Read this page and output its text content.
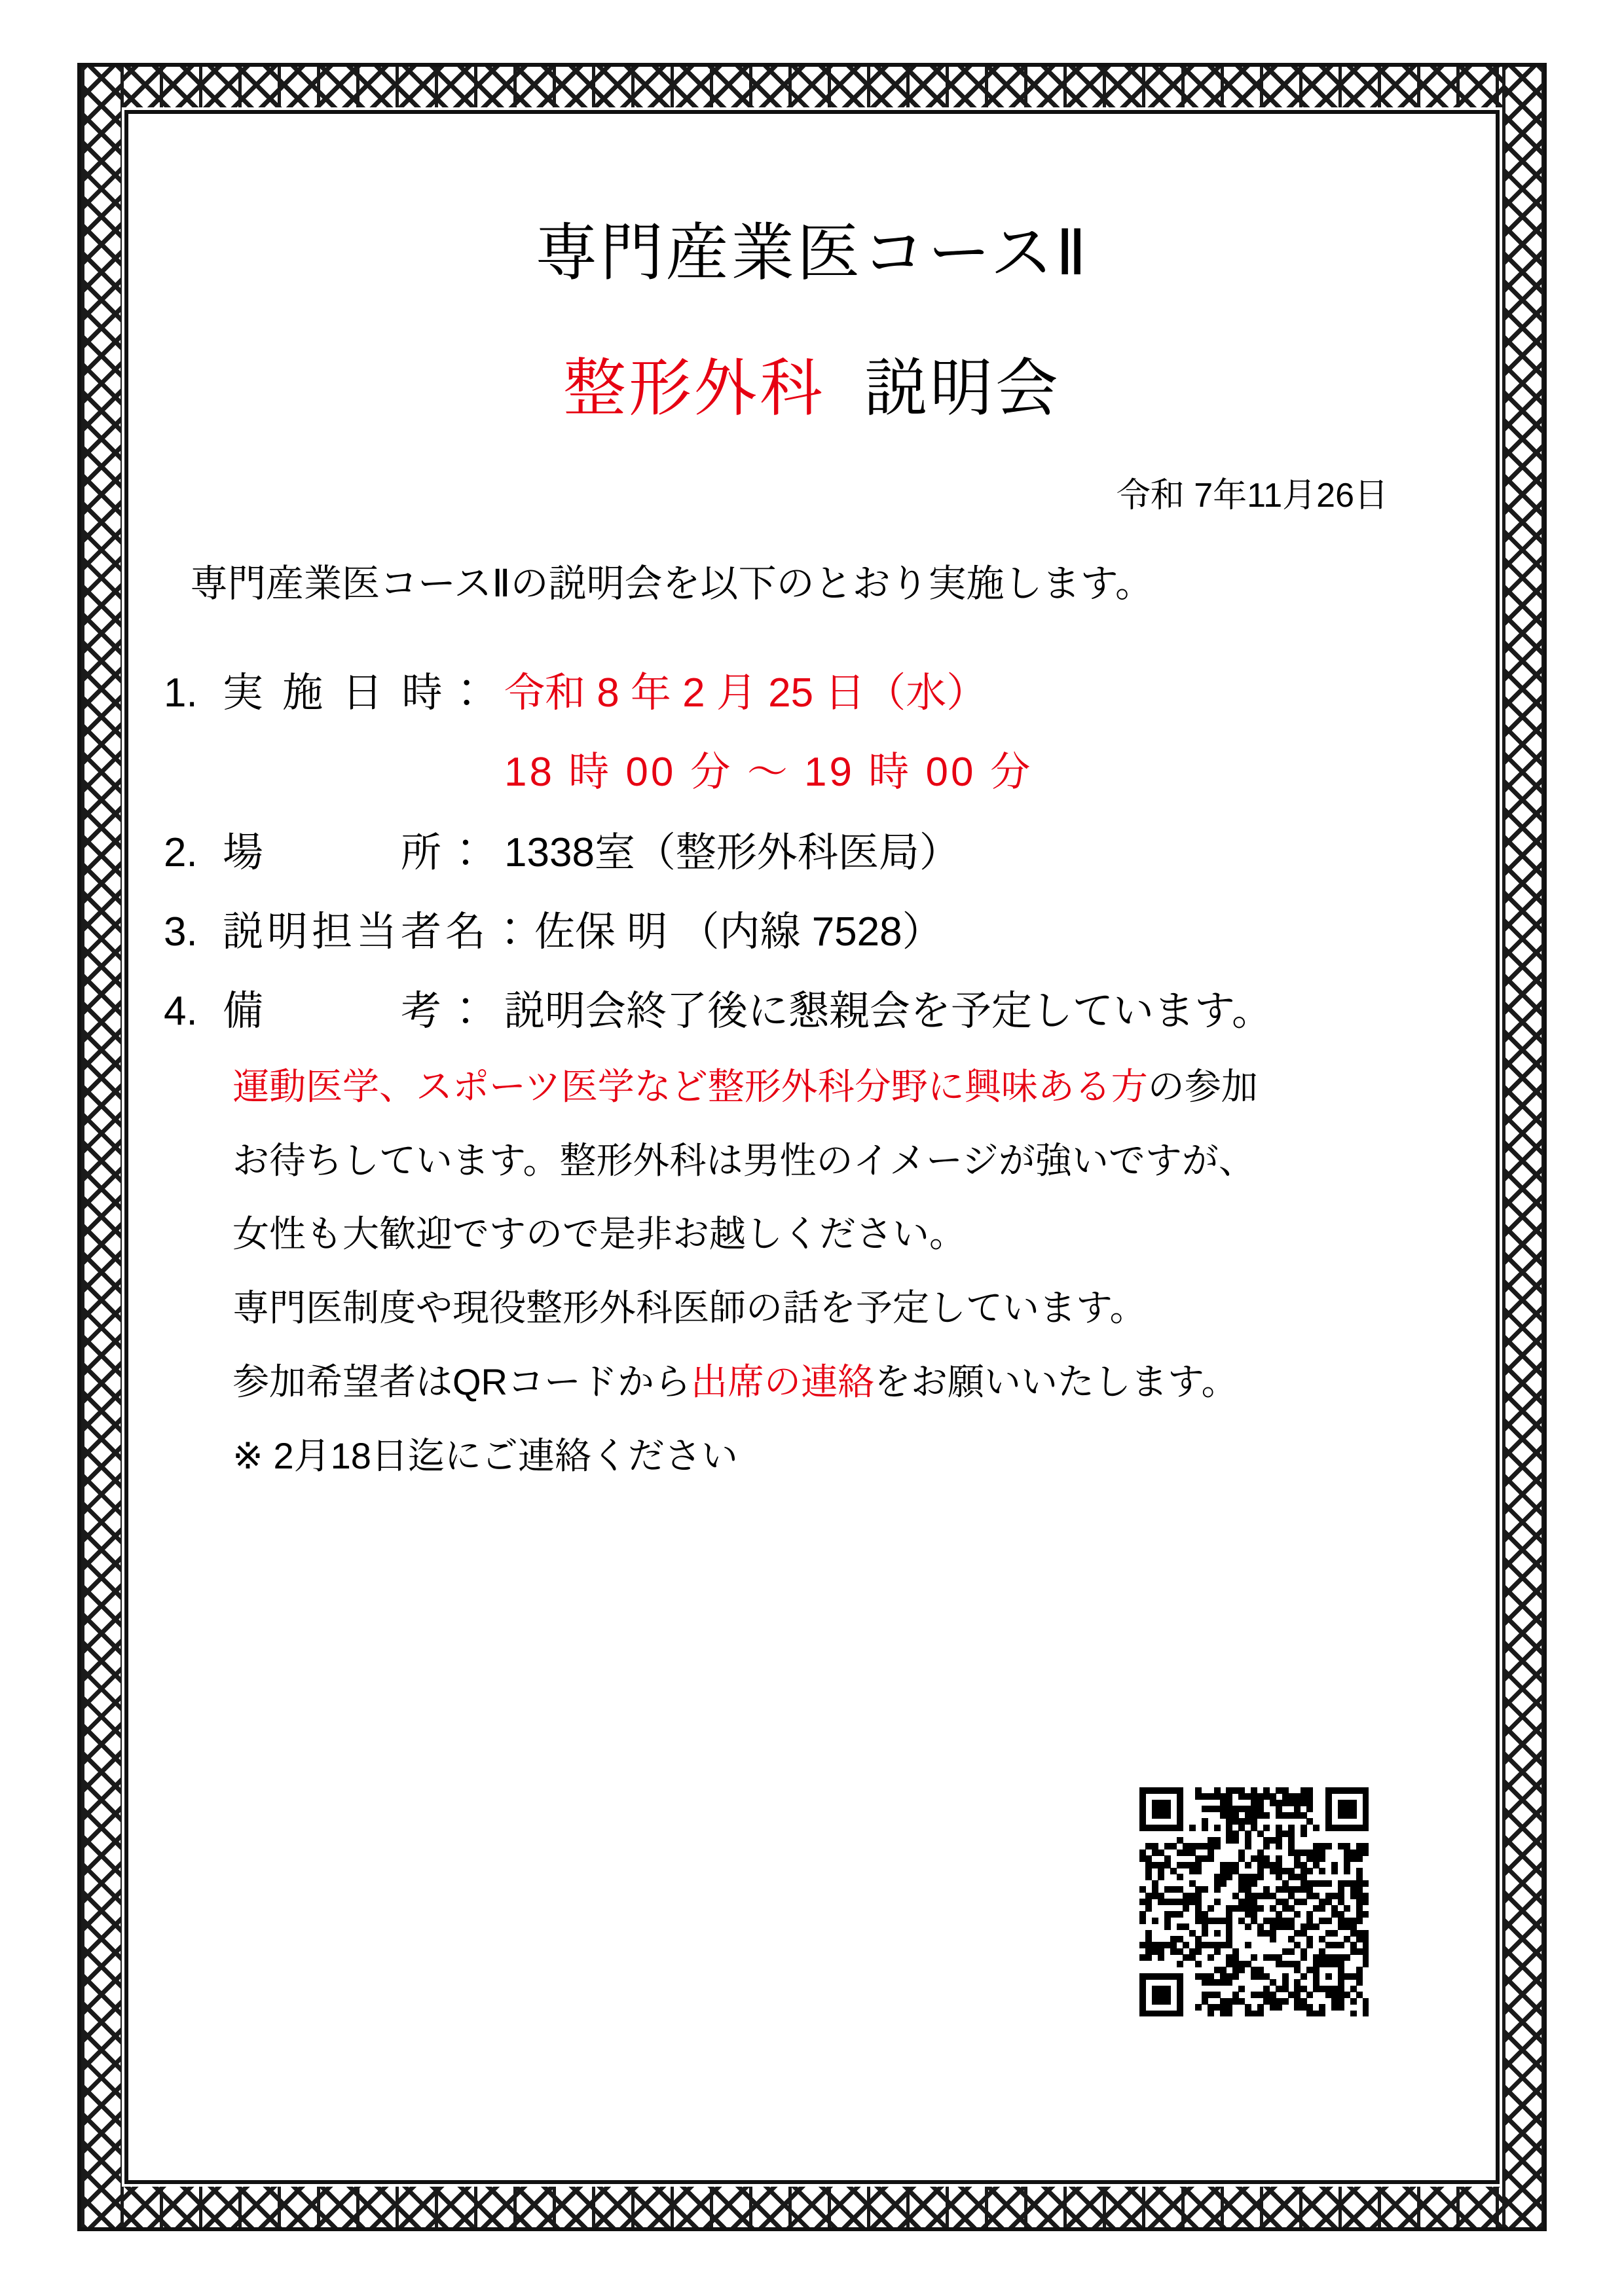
専門産業医コースⅡ
整形外科 説明会
令和 7年11月26日
専門産業医コースⅡの説明会を以下のとおり実施します。
1. 実 施 日 時： 令和 8 年 2 月 25 日（水）
18 時 00 分 ～ 19 時 00 分
2. 場　　　所： 1338室（整形外科医局）
3. 説明担当者名： 佐保 明 （内線 7528）
4. 備　　　考： 説明会終了後に懇親会を予定しています。

運動医学、スポーツ医学など整形外科分野に興味ある方の参加

お待ちしています。整形外科は男性のイメージが強いですが、

女性も大歓迎ですので是非お越しください。

専門医制度や現役整形外科医師の話を予定しています。

参加希望者はQRコードから出席の連絡をお願いいたします。

※ 2月18日迄にご連絡ください
